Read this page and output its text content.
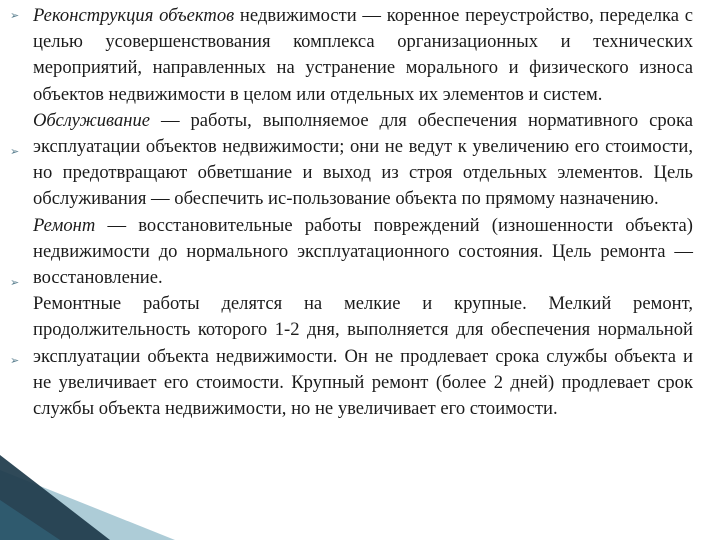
➢
➢
➢
➢

Реконструкция объектов недвижимости — коренное переустройство, переделка с целью усовершенствования комплекса организационных и технических мероприятий, направленных на устранение морального и физического износа объектов недвижимости в целом или отдельных их элементов и систем.

Обслуживание — работы, выполняемое для обеспечения нормативного срока эксплуатации объектов недвижимости; они не ведут к увеличению его стоимости, но предотвращают обветшание и выход из строя отдельных элементов. Цель обслуживания — обеспечить ис-пользование объекта по прямому назначению.

Ремонт — восстановительные работы повреждений (изношенности объекта) недвижимости до нормального эксплуатационного состояния. Цель ремонта — восстановление.

Ремонтные работы делятся на мелкие и крупные. Мелкий ремонт, продолжительность которого 1-2 дня, выполняется для обеспечения нормальной эксплуатации объекта недвижимости. Он не продлевает срока службы объекта и не увеличивает его стоимости. Крупный ремонт (более 2 дней) продлевает срок службы объекта недвижимости, но не увеличивает его стоимости.
